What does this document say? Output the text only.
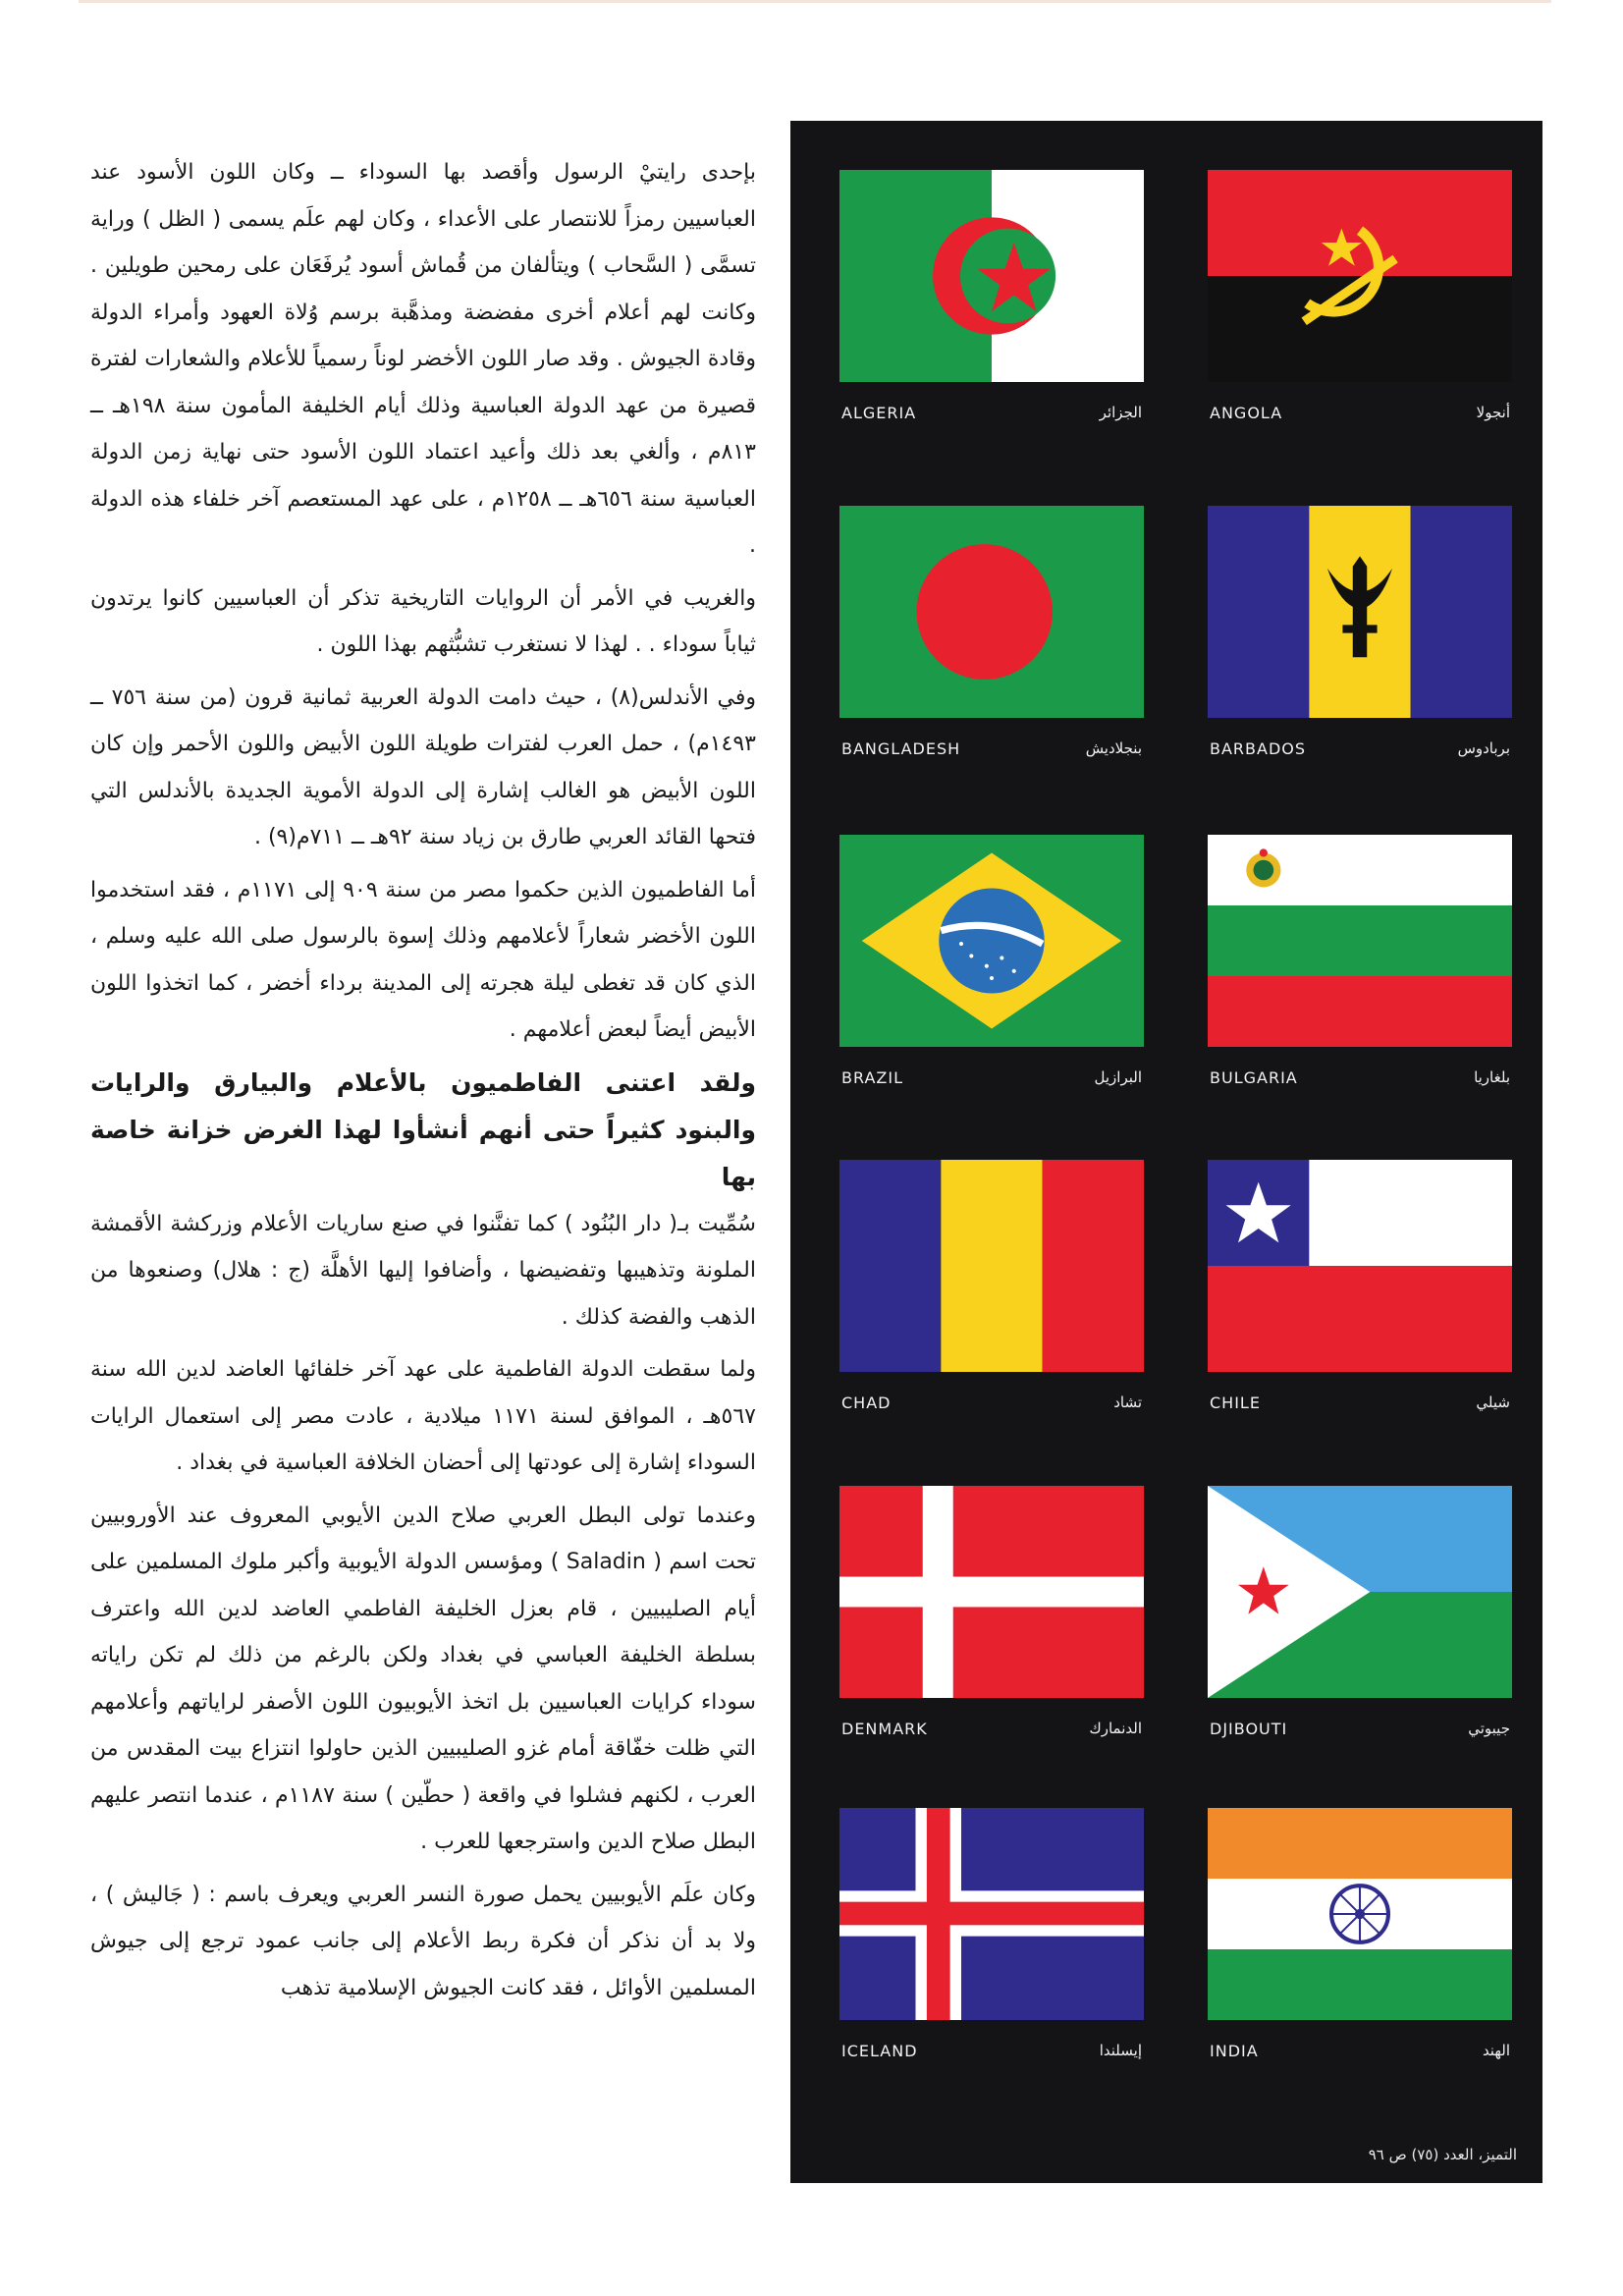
بإحدى رايتيْ الرسول وأقصد بها السوداء ــ وكان اللون الأسود عند العباسيين رمزاً للانتصار على الأعداء ، وكان لهم علَم يسمى ( الظل ) وراية تسمَّى ( السَّحاب ) ويتألفان من قُماش أسود يُرفَعَان على رمحين طويلين . وكانت لهم أعلام أخرى مفضضة ومذهَّبة برسم وُلاة العهود وأمراء الدولة وقادة الجيوش . وقد صار اللون الأخضر لوناً رسمياً للأعلام والشعارات لفترة قصيرة من عهد الدولة العباسية وذلك أيام الخليفة المأمون سنة ١٩٨هـ ــ ٨١٣م ، وألغي بعد ذلك وأعيد اعتماد اللون الأسود حتى نهاية زمن الدولة العباسية سنة ٦٥٦هـ ــ ١٢٥٨م ، على عهد المستعصم آخر خلفاء هذه الدولة .

والغريب في الأمر أن الروايات التاريخية تذكر أن العباسيين كانوا يرتدون ثياباً سوداء . . لهذا لا نستغرب تشبُّثهم بهذا اللون .

وفي الأندلس(٨) ، حيث دامت الدولة العربية ثمانية قرون (من سنة ٧٥٦ ــ ١٤٩٣م) ، حمل العرب لفترات طويلة اللون الأبيض واللون الأحمر وإن كان اللون الأبيض هو الغالب إشارة إلى الدولة الأموية الجديدة بالأندلس التي فتحها القائد العربي طارق بن زياد سنة ٩٢هـ ــ ٧١١م(٩) .

أما الفاطميون الذين حكموا مصر من سنة ٩٠٩ إلى ١١٧١م ، فقد استخدموا اللون الأخضر شعاراً لأعلامهم وذلك إسوة بالرسول صلى الله عليه وسلم ، الذي كان قد تغطى ليلة هجرته إلى المدينة برداء أخضر ، كما اتخذوا اللون الأبيض أيضاً لبعض أعلامهم .

ولقد اعتنى الفاطميون بالأعلام والبيارق والرايات والبنود كثيراً حتى أنهم أنشأوا لهذا الغرض خزانة خاصة بها

سُمِّيت بـ( دار البُنُود ) كما تفنَّنوا في صنع ساريات الأعلام وزركشة الأقمشة الملونة وتذهيبها وتفضيضها ، وأضافوا إليها الأهلَّة (ج : هلال) وصنعوها من الذهب والفضة كذلك .

ولما سقطت الدولة الفاطمية على عهد آخر خلفائها العاضد لدين الله سنة ٥٦٧هـ ، الموافق لسنة ١١٧١ ميلادية ، عادت مصر إلى استعمال الرايات السوداء إشارة إلى عودتها إلى أحضان الخلافة العباسية في بغداد .

وعندما تولى البطل العربي صلاح الدين الأيوبي المعروف عند الأوروبيين تحت اسم ( Saladin ) ومؤسس الدولة الأيوبية وأكبر ملوك المسلمين على أيام الصليبيين ، قام بعزل الخليفة الفاطمي العاضد لدين الله واعترف بسلطة الخليفة العباسي في بغداد ولكن بالرغم من ذلك لم تكن راياته سوداء كرايات العباسيين بل اتخذ الأيوبيون اللون الأصفر لراياتهم وأعلامهم التي ظلت خفّاقة أمام غزو الصليبيين الذين حاولوا انتزاع بيت المقدس من العرب ، لكنهم فشلوا في واقعة ( حطّين ) سنة ١١٨٧م ، عندما انتصر عليهم البطل صلاح الدين واسترجعها للعرب .

وكان علَم الأيوبيين يحمل صورة النسر العربي ويعرف باسم : ( جَاليش ) ، ولا بد أن نذكر أن فكرة ربط الأعلام إلى جانب عمود ترجع إلى جيوش المسلمين الأوائل ، فقد كانت الجيوش الإسلامية تذهب

ALGERIA	الجزائر	ANGOLA	أنجولا
BANGLADESH	بنجلاديش	BARBADOS	بربادوس
BRAZIL	البرازيل	BULGARIA	بلغاريا
CHAD	تشاد	CHILE	شيلي
DENMARK	الدنمارك	DJIBOUTI	جيبوتي
ICELAND	إيسلندا	INDIA	الهند
التميز، العدد (٧٥) ص ٩٦
